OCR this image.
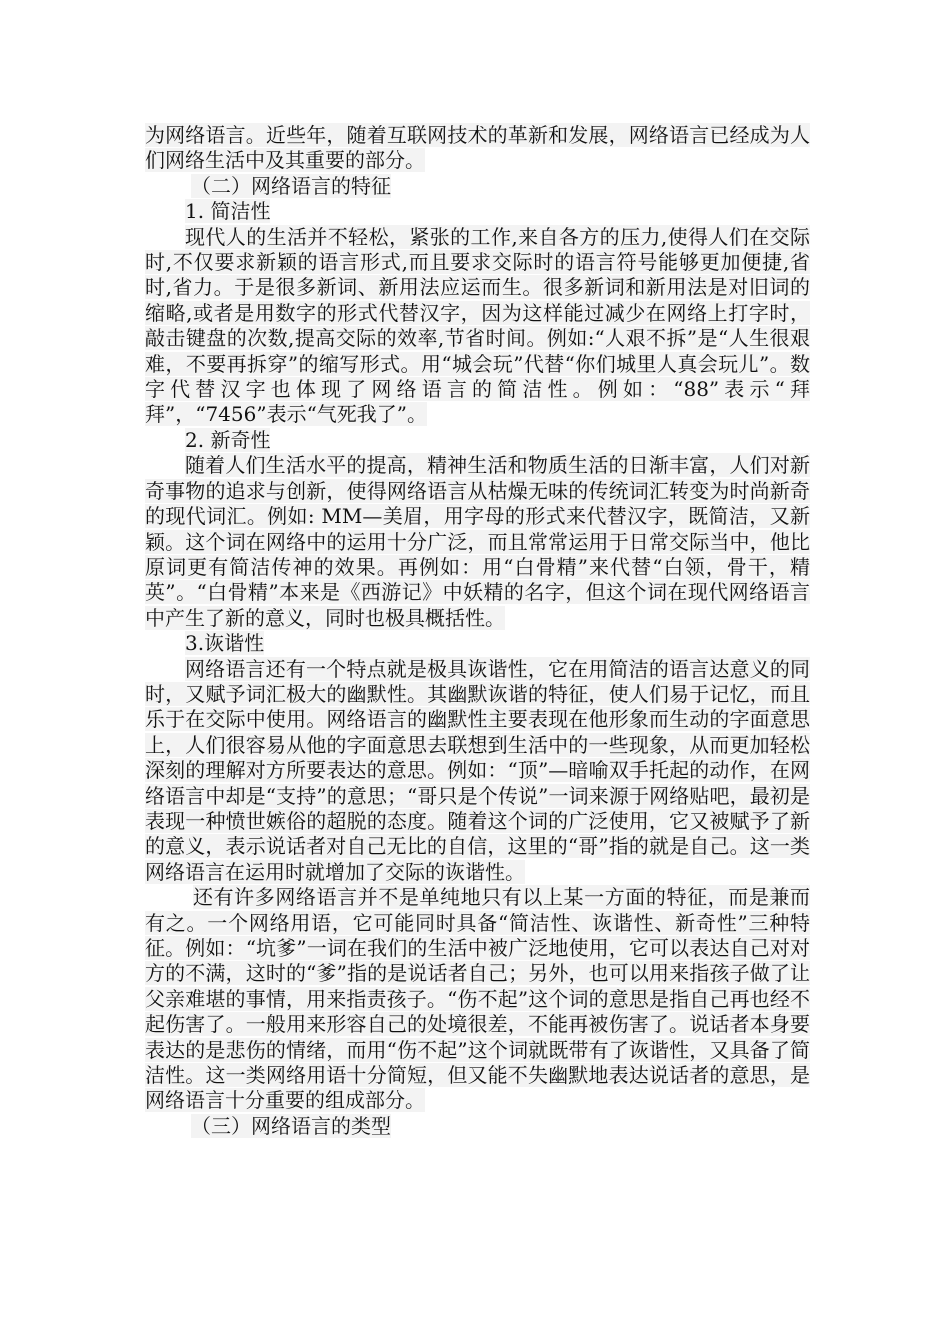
为网络语言。近些年，随着互联网技术的革新和发展，网络语言已经成为人们网络生活中及其重要的部分。

（二）网络语言的特征

1. 简洁性

现代人的生活并不轻松，紧张的工作,来自各方的压力,使得人们在交际时,不仅要求新颖的语言形式,而且要求交际时的语言符号能够更加便捷,省时,省力。于是很多新词、新用法应运而生。很多新词和新用法是对旧词的缩略,或者是用数字的形式代替汉字，因为这样能过减少在网络上打字时，敲击键盘的次数,提高交际的效率,节省时间。例如:“人艰不拆”是“人生很艰难，不要再拆穿”的缩写形式。用“城会玩”代替“你们城里人真会玩儿”。数字代替汉字也体现了网络语言的简洁性。例如：“88”表示“拜拜”，“7456”表示“气死我了”。

2. 新奇性

随着人们生活水平的提高，精神生活和物质生活的日渐丰富，人们对新奇事物的追求与创新，使得网络语言从枯燥无味的传统词汇转变为时尚新奇的现代词汇。例如: MM—美眉，用字母的形式来代替汉字，既简洁，又新颖。这个词在网络中的运用十分广泛，而且常常运用于日常交际当中，他比原词更有简洁传神的效果。再例如：用“白骨精”来代替“白领，骨干，精英”。“白骨精”本来是《西游记》中妖精的名字，但这个词在现代网络语言中产生了新的意义，同时也极具概括性。

3.诙谐性

网络语言还有一个特点就是极具诙谐性，它在用简洁的语言达意义的同时，又赋予词汇极大的幽默性。其幽默诙谐的特征，使人们易于记忆，而且乐于在交际中使用。网络语言的幽默性主要表现在他形象而生动的字面意思上，人们很容易从他的字面意思去联想到生活中的一些现象，从而更加轻松深刻的理解对方所要表达的意思。例如：“顶”—暗喻双手托起的动作，在网络语言中却是“支持”的意思；“哥只是个传说”一词来源于网络贴吧，最初是表现一种愤世嫉俗的超脱的态度。随着这个词的广泛使用，它又被赋予了新的意义，表示说话者对自己无比的自信，这里的“哥”指的就是自己。这一类网络语言在运用时就增加了交际的诙谐性。

还有许多网络语言并不是单纯地只有以上某一方面的特征，而是兼而有之。一个网络用语，它可能同时具备“简洁性、诙谐性、新奇性”三种特征。例如：“坑爹”一词在我们的生活中被广泛地使用，它可以表达自己对对方的不满，这时的“爹”指的是说话者自己；另外，也可以用来指孩子做了让父亲难堪的事情，用来指责孩子。“伤不起”这个词的意思是指自己再也经不起伤害了。一般用来形容自己的处境很差，不能再被伤害了。说话者本身要表达的是悲伤的情绪，而用“伤不起”这个词就既带有了诙谐性，又具备了简洁性。这一类网络用语十分简短，但又能不失幽默地表达说话者的意思，是网络语言十分重要的组成部分。

（三）网络语言的类型
